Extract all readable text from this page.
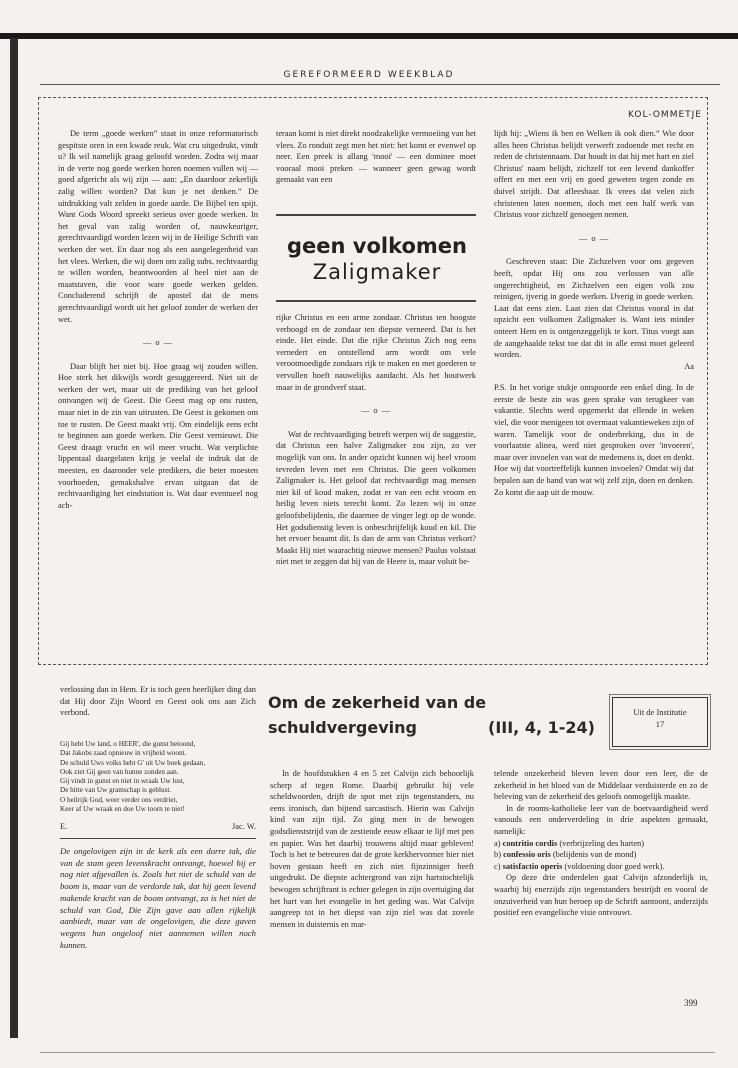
GEREFORMEERD WEEKBLAD
KOL-OMMETJE

De term „goede werken” staat in onze reformatorisch gespitste oren in een kwade reuk. Wat cru uitgedrukt, vindt u? Ik wil namelijk graag geloofd worden. Zodra wij maar in de verte nog goede werken horen noemen vullen wij — goed afgericht als wij zijn — aan: „En daardoor zekerlijk zalig willen worden? Dat kun je net denken.” De uitdrukking valt zelden in goede aarde. De Bijbel ten spijt. Want Gods Woord spreekt serieus over goede werken. In het geval van zalig worden of, nauwkeuriger, gerechtvaardigd worden lezen wij in de Heilige Schrift van werken der wet. En daar nog als een aangelegenheid van het vlees. Werken, die wij doen om zalig subs. rechtvaardig te willen worden, beantwoorden al heel niet aan de maatstaven, die voor ware goede werken gelden. Concluderend schrijft de apostel dat de mens gerechtvaardigd wordt uit het geloof zonder de werken der wet.

— o —

Daar blijft het niet bij. Hoe graag wij zouden willen. Hoe sterk het dikwijls wordt gesuggereerd. Niet uit de werken der wet, maar uit de prediking van het geloof ontvangen wij de Geest. Die Geest mag op ons rusten, maar niet in de zin van uitrusten. De Geest is gekomen om toe te rusten. De Geest maakt vrij. Om eindelijk eens echt te beginnen aan goede werken. Die Geest vernieuwt. Die Geest draagt vrucht en wil meer vrucht. Wat verplichte lippentaal daargelaten krijg je veelal de indruk dat de meesten, en daaronder vele predikers, die beter moesten voorhoeden, gemakshalve ervan uitgaan dat de rechtvaardiging het eindstation is. Wat daar eventueel nog ach-

teraan komt is niet direkt noodzakelijke vermoeiing van het vlees. Zo ronduit zegt men het niet: het komt er evenwel op neer. Een preek is allang 'mooi' — een dominee moet vooraal mooi preken — wanneer geen gewag wordt gemaakt van een
geen volkomen
Zaligmaker

rijke Christus en een arme zondaar. Christus ten hoogste verhoogd en de zondaar ten diepste verneerd. Dat is het einde. Het einde. Dat die rijke Christus Zich nog eens vernedert en ontstellend arm wordt om vele verootmoedigde zondaars rijk te maken en met goederen te vervullen hoeft nauwelijks aandacht. Als het houtwerk maar in de grondverf staat.

— o —

Wat de rechtvaardiging betreft werpen wij de suggestie, dat Christus een halve Zaligmaker zou zijn, zo ver mogelijk van ons. In ander opzicht kunnen wij heel vroom tevreden leven met een Christus. Die geen volkomen Zaligmaker is. Het geloof dat rechtvaardigt mag mensen niet kil of koud maken, zodat er van een echt vroom en heilig leven niets terecht komt. Zo lezen wij in onze geloofsbelijdenis, die daarmee de vinger legt op de wonde. Het godsdienstig leven is onbeschrijfelijk koud en kil. Die het ervoer beaamt dit. Is dan de arm van Christus verkort? Maakt Hij niet waarachtig nieuwe mensen? Paulus volstaat niet met te zeggen dat hij van de Heere is, maar voluit be-

lijdt hij: „Wiens ik ben en Welken ik ook dien.” Wie door alles heen Christus belijdt verwerft zodoende met recht en reden de christennaam. Dat houdt in dat hij met hart en ziel Christus' naam belijdt, zichzelf tot een levend dankoffer offert en met een vrij en goed geweten tegen zonde en duivel strijdt. Dat afleesbaar. Ik vrees dat velen zich christenen laten noemen, doch met een half werk van Christus voor zichzelf genoegen nemen.

— o —

Geschreven staat: Die Zichzelven voor ons gegeven heeft, opdat Hij ons zou verlossen van alle ongerechtigheid, en Zichzelven een eigen volk zou reinigen, ijverig in goede werken. IJverig in goede werken. Laat dat eens zien. Laat zien dat Christus vooral in dat opzicht een volkomen Zaligmaker is. Want iets minder onteert Hem en is ontgenzeggelijk te kort. Titus voegt aan de aangehaalde tekst toe dat dit in alle ernst moet geleerd worden.

Aa

P.S. In het vorige stukje ontspoorde een enkel ding. In de eerste de beste zin was geen sprake van terugkeer van vakantie. Slechts werd opgemerkt dat ellende in weken viel, die voor menigeen tot overmaat vakantieweken zijn of waren. Tamelijk voor de onderbreking, dus in de voorlaatste alinea, werd niet gesproken over 'invoeren', maar over invoelen van wat de medemens is, doet en denkt. Hoe wij dat voortreffelijk kunnen invoelen? Omdat wij dat bepalen aan de hand van wat wij zelf zijn, doen en denken. Zo komt die aap uit de mouw.

verlossing dan in Hem. Er is toch geen heerlijker ding dan dat Hij door Zijn Woord en Geest ook ons aan Zich verbond.
Gij hebt Uw land, o HEER', die gunst betoond,
Dat Jakobs zaad opnieuw in vrijheid woont.
De schuld Uws volks hebt G' uit Uw boek gedaan,
Ook ziet Gij geen van hunne zonden aan.
Gij vindt in gunst en niet in wraak Uw lust,
De hitte van Uw gramschap is geblust.
O heilrijk God, weer verder ons verdriet,
Keer af Uw wraak en doe Uw toorn te niet!
E.	Jac. W.
De ongelovigen zijn in de kerk als een dorre tak, die van de stam geen levenskracht ontvangt, hoewel hij er nog niet afgevallen is. Zoals het niet de schuld van de boom is, maar van de verdorde tak, dat hij geen levend makende kracht van de boom ontvangt, zo is het niet de schuld van God, Die Zijn gave aan allen rijkelijk aanbiedt, maar van de ongelovigen, die deze gaven wegens hun ongeloof niet aannemen willen noch kunnen.
Om de zekerheid van de
schuldvergeving	(III, 4, 1-24)
Uit de Institutie
17

In de hoofdstukken 4 en 5 zet Calvijn zich behoorlijk scherp af tegen Rome. Daarbij gebruikt hij vele scheldwoorden, drijft de spot met zijn tegenstanders, nu eens ironisch, dan bijtend sarcastisch. Hierin was Calvijn kind van zijn tijd. Zo ging men in de bewogen godsdienststrijd van de zestiende eeuw elkaar te lijf met pen en papier. Was het daarbij trouwens altijd maar gebleven! Toch is het te betreuren dat de grote kerkhervormer hier niet boven gestaan heeft en zich niet fijnzinniger heeft uitgedrukt. De diepste achtergrond van zijn hartstochtelijk bewogen schrijftrant is echter gelegen in zijn overtuiging dat het hart van het evangelie in het geding was. Wat Calvijn aangreep tot in het diepst van zijn ziel was dat zovele mensen in duisternis en mar-

telende onzekerheid bleven leven door een leer, die de zekerheid in het bloed van de Middelaar verduisterde en zo de beleving van de zekerheid des geloofs onmogelijk maakte.

In de rooms-katholieke leer van de boetvaardigheid werd vanouds een onderverdeling in drie aspekten gemaakt, namelijk:

a) contritio cordis (verbrijzeling des harten)
b) confessio oris (belijdenis van de mond)
c) satisfactio operis (voldoening door goed werk).

Op deze drie onderdelen gaat Calvijn afzonderlijk in, waarbij hij enerzijds zijn tegenstanders bestrijdt en vooral de onzuiverheid van hun beroep op de Schrift aantoont, anderzijds positief een evangelische visie ontvouwt.

399
